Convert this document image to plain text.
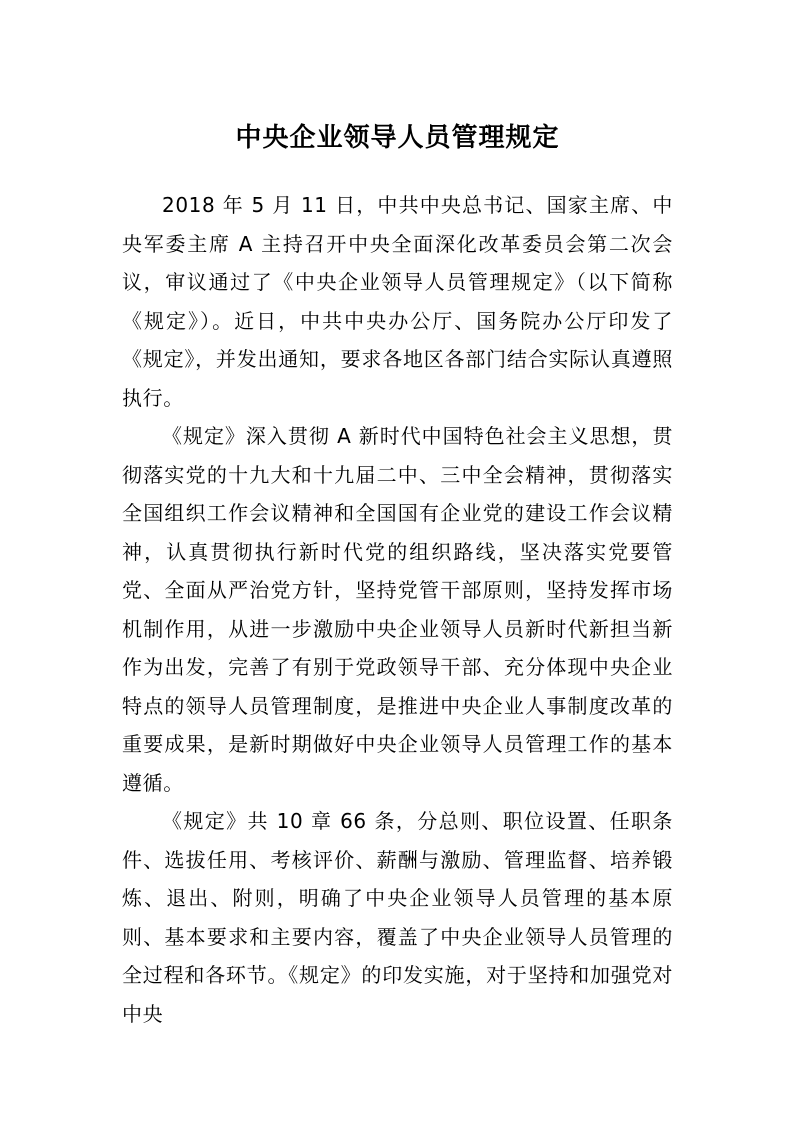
中央企业领导人员管理规定

2018 年 5 月 11 日，中共中央总书记、国家主席、中央军委主席 A 主持召开中央全面深化改革委员会第二次会议，审议通过了《中央企业领导人员管理规定》（以下简称《规定》）。近日，中共中央办公厅、国务院办公厅印发了《规定》，并发出通知，要求各地区各部门结合实际认真遵照执行。

《规定》深入贯彻 A 新时代中国特色社会主义思想，贯彻落实党的十九大和十九届二中、三中全会精神，贯彻落实全国组织工作会议精神和全国国有企业党的建设工作会议精神，认真贯彻执行新时代党的组织路线，坚决落实党要管党、全面从严治党方针，坚持党管干部原则，坚持发挥市场机制作用，从进一步激励中央企业领导人员新时代新担当新作为出发，完善了有别于党政领导干部、充分体现中央企业特点的领导人员管理制度，是推进中央企业人事制度改革的重要成果，是新时期做好中央企业领导人员管理工作的基本遵循。

《规定》共 10 章 66 条，分总则、职位设置、任职条件、选拔任用、考核评价、薪酬与激励、管理监督、培养锻炼、退出、附则，明确了中央企业领导人员管理的基本原则、基本要求和主要内容，覆盖了中央企业领导人员管理的全过程和各环节。《规定》的印发实施，对于坚持和加强党对中央
